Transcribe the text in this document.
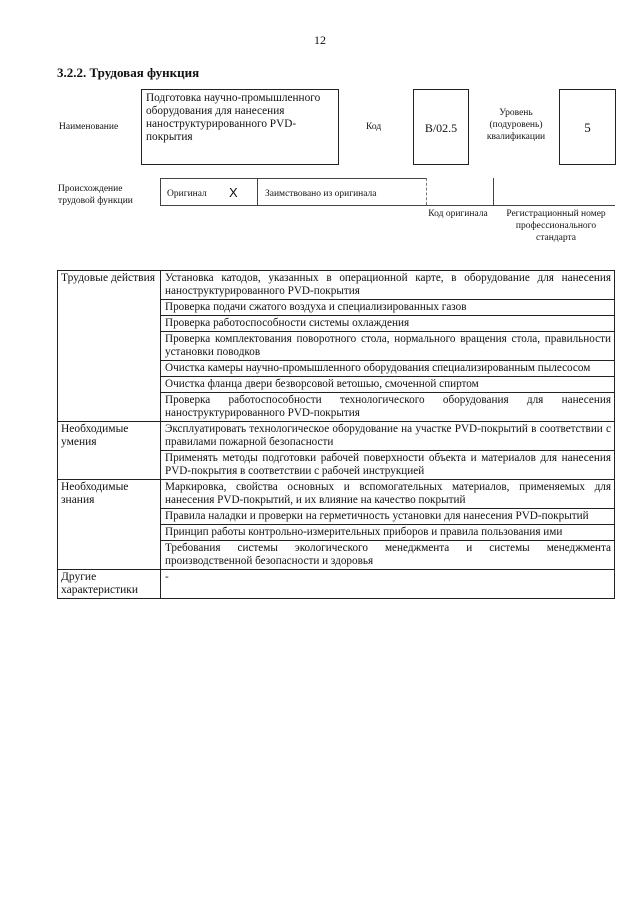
12
3.2.2. Трудовая функция
Наименование
Подготовка научно-промышленного оборудования для нанесения наноструктурированного PVD-покрытия
Код	B/02.5
Уровень (подуровень) квалификации
5
Происхождение трудовой функции
Оригинал X	Заимствовано из оригинала
Код оригинала	Регистрационный номер профессионального стандарта
Трудовые действия	Установка катодов, указанных в операционной карте, в оборудование для нанесения наноструктурированного PVD-покрытия
	Проверка подачи сжатого воздуха и специализированных газов
	Проверка работоспособности системы охлаждения
	Проверка комплектования поворотного стола, нормального вращения стола, правильности установки поводков
	Очистка камеры научно-промышленного оборудования специализированным пылесосом
	Очистка фланца двери безворсовой ветошью, смоченной спиртом
	Проверка работоспособности технологического оборудования для нанесения наноструктурированного PVD-покрытия
Необходимые умения	Эксплуатировать технологическое оборудование на участке PVD-покрытий в соответствии с правилами пожарной безопасности
	Применять методы подготовки рабочей поверхности объекта и материалов для нанесения PVD-покрытия в соответствии с рабочей инструкцией
Необходимые знания	Маркировка, свойства основных и вспомогательных материалов, применяемых для нанесения PVD-покрытий, и их влияние на качество покрытий
	Правила наладки и проверки на герметичность установки для нанесения PVD-покрытий
	Принцип работы контрольно-измерительных приборов и правила пользования ими
	Требования системы экологического менеджмента и системы менеджмента производственной безопасности и здоровья
Другие характеристики	-
